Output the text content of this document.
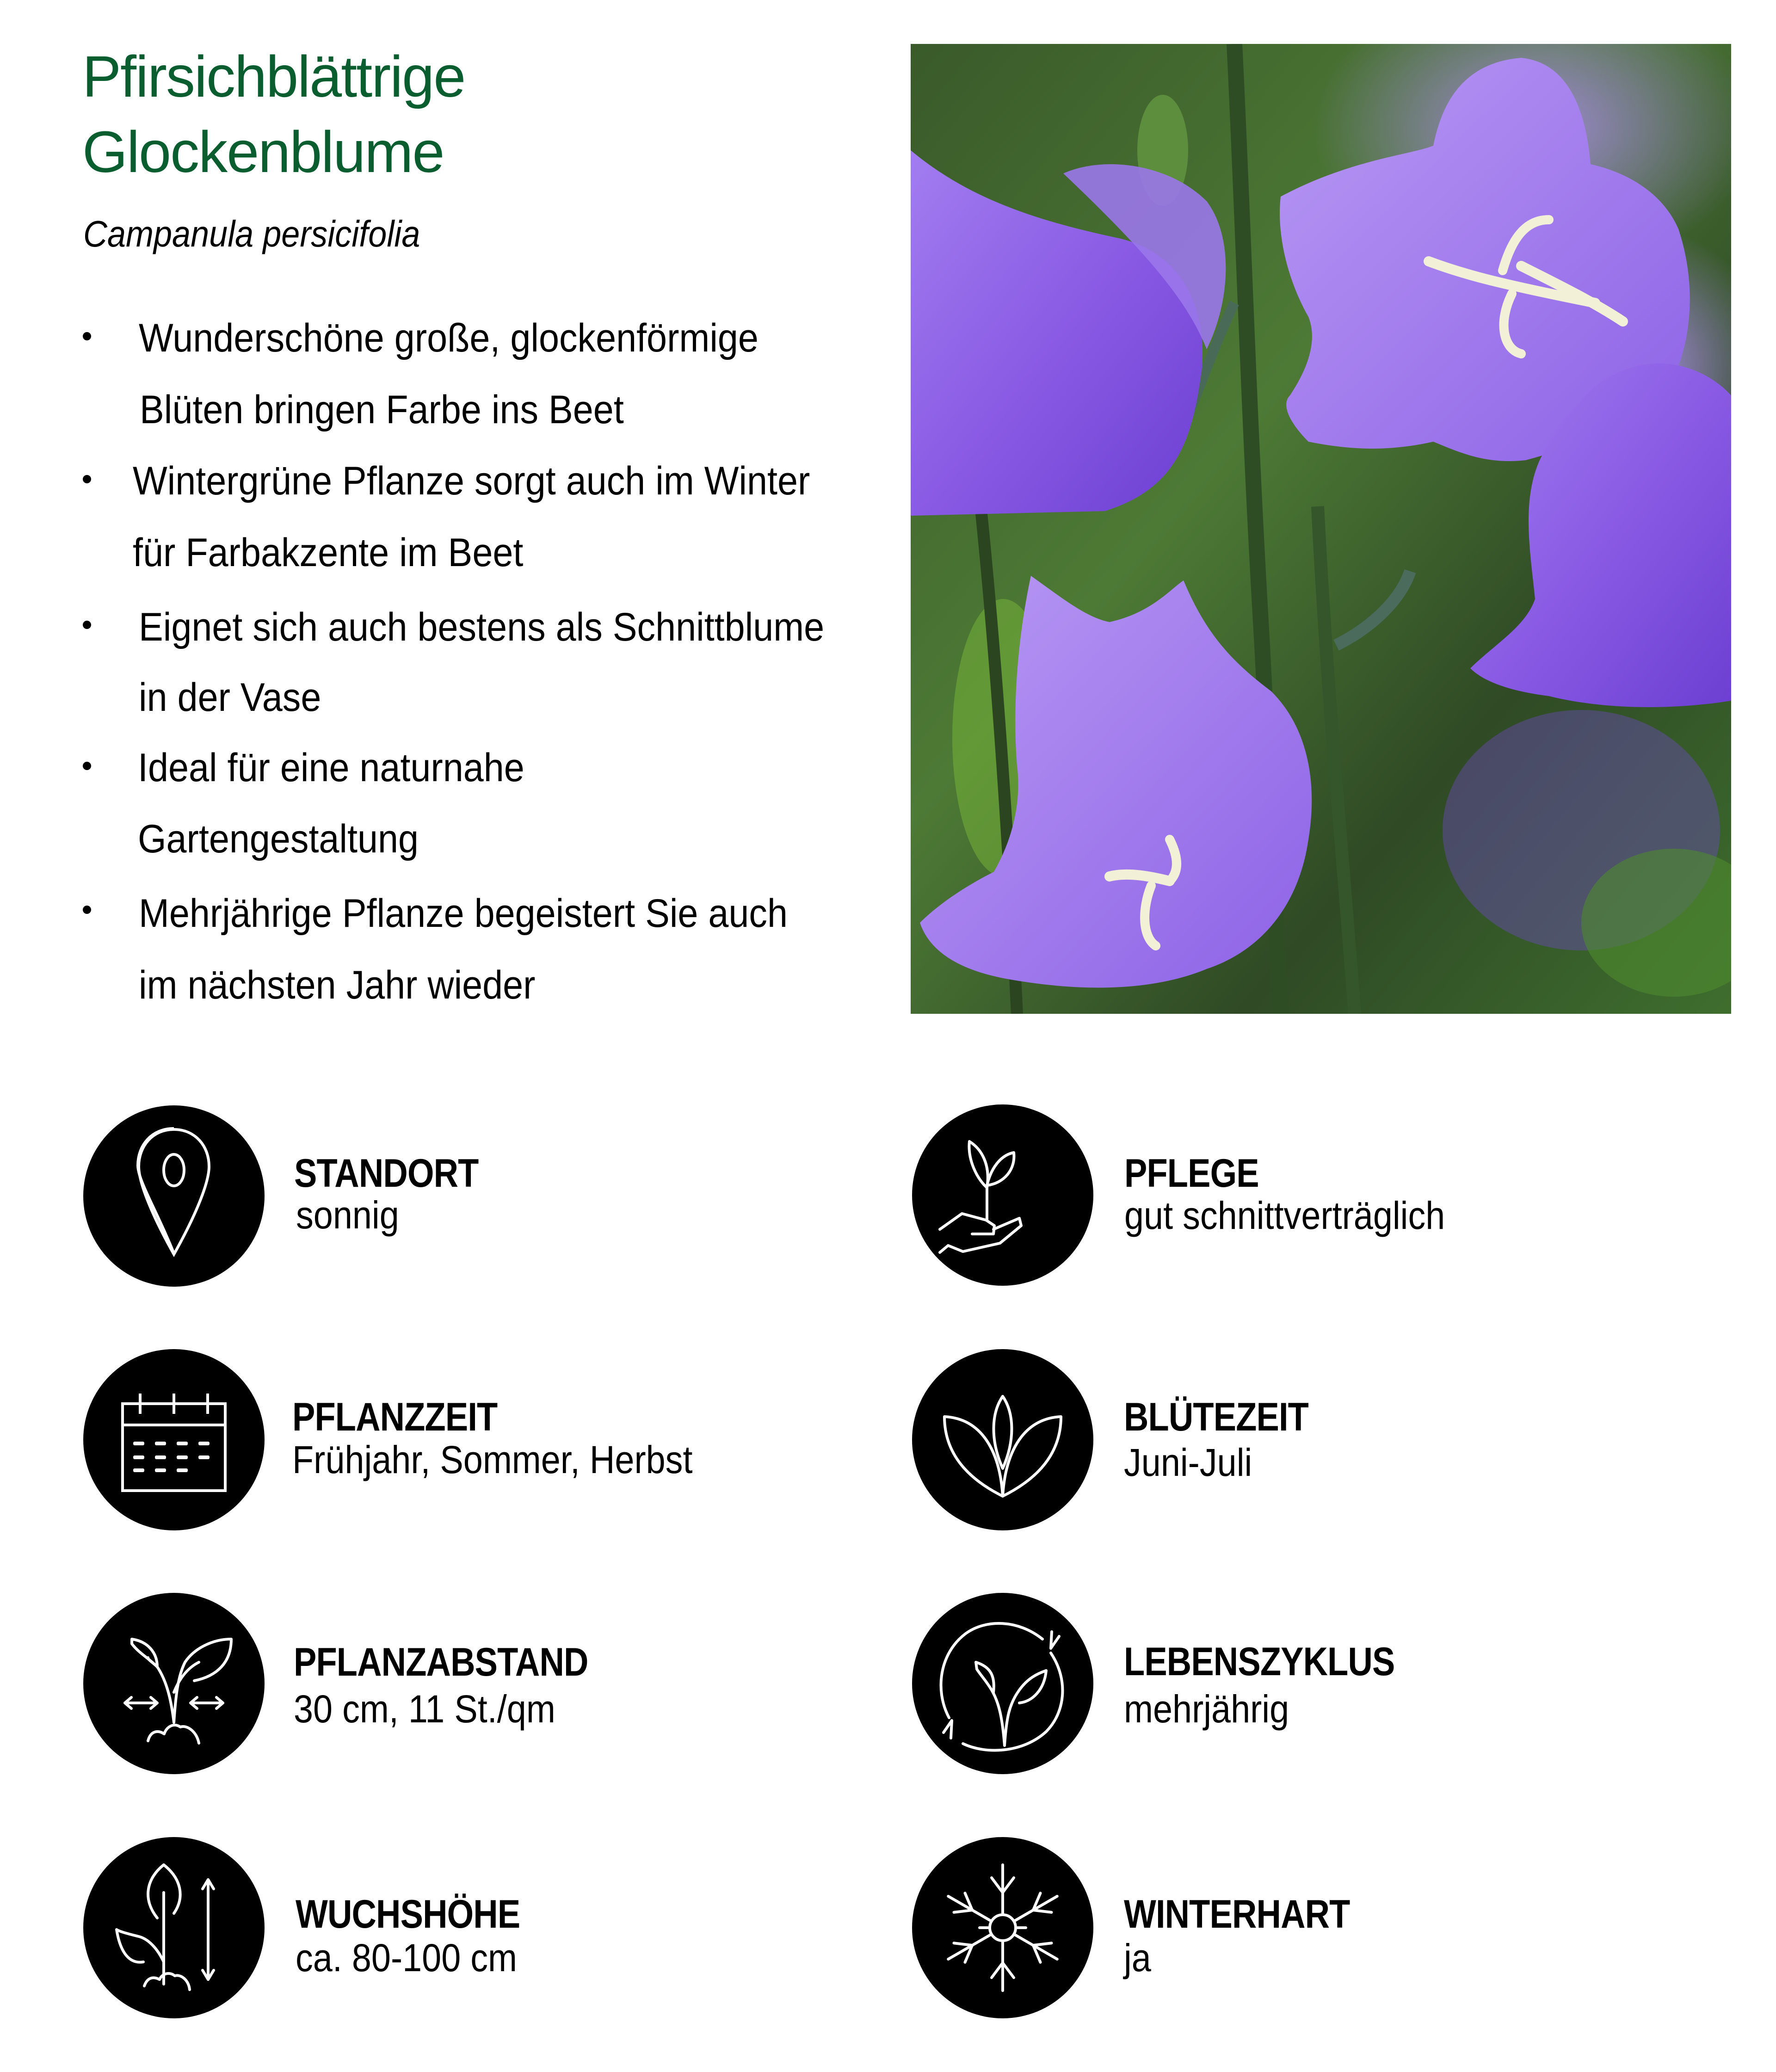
Pfirsichblättrige
Glockenblume
Campanula persicifolia
Wunderschöne große, glockenförmige
Blüten bringen Farbe ins Beet
Wintergrüne Pflanze sorgt auch im Winter
für Farbakzente im Beet
Eignet sich auch bestens als Schnittblume
in der Vase
Ideal für eine naturnahe
Gartengestaltung
Mehrjährige Pflanze begeistert Sie auch
im nächsten Jahr wieder
STANDORT
sonnig
PFLEGE
gut schnittverträglich
PFLANZZEIT
Frühjahr, Sommer, Herbst
BLÜTEZEIT
Juni-Juli
PFLANZABSTAND
30 cm, 11 St./qm
LEBENSZYKLUS
mehrjährig
WUCHSHÖHE
ca. 80-100 cm
WINTERHART
ja
